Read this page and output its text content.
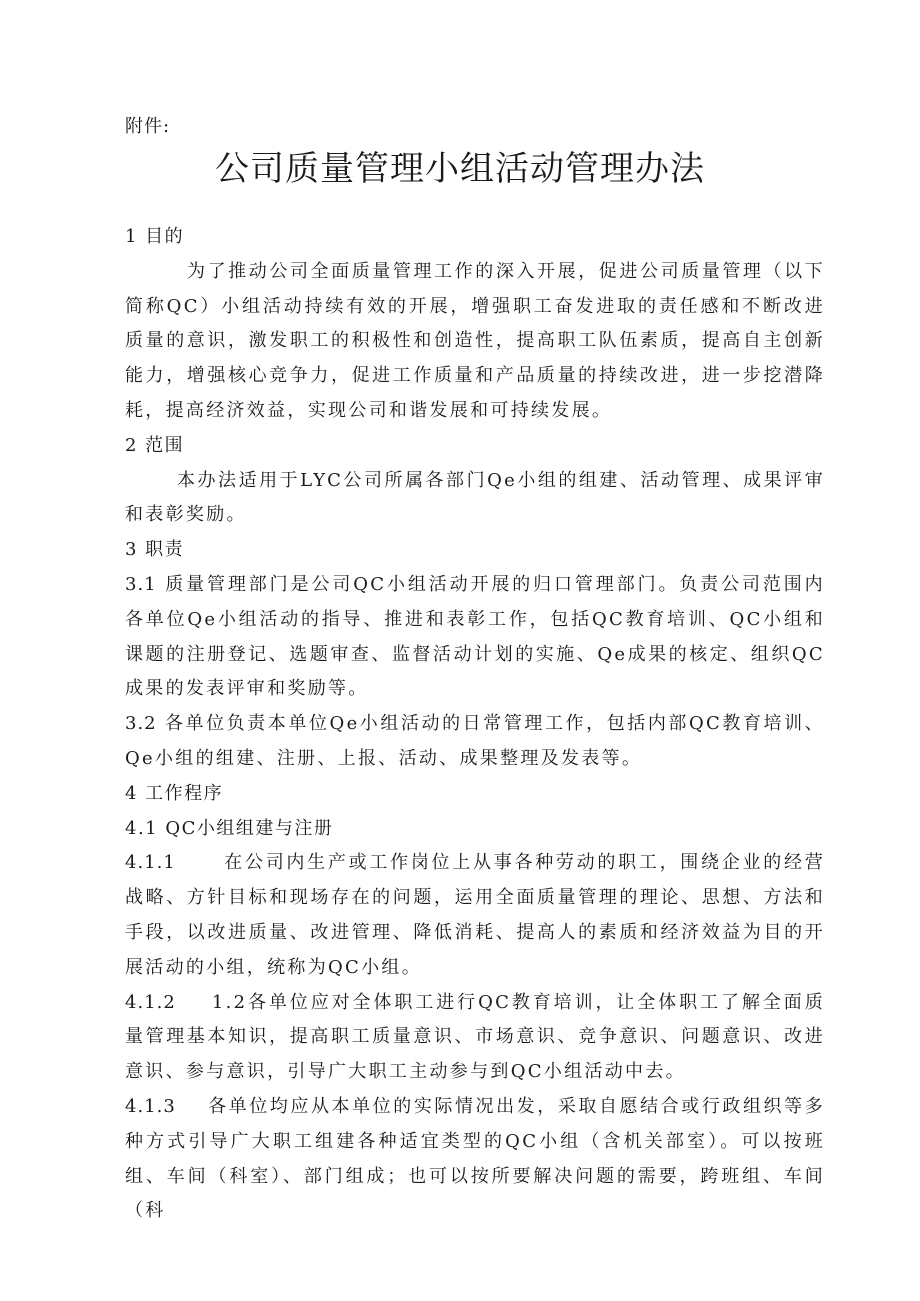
附件:
公司质量管理小组活动管理办法

1 目的

为了推动公司全面质量管理工作的深入开展，促进公司质量管理（以下简称QC）小组活动持续有效的开展，增强职工奋发进取的责任感和不断改进质量的意识，激发职工的积极性和创造性，提高职工队伍素质，提高自主创新能力，增强核心竞争力，促进工作质量和产品质量的持续改进，进一步挖潜降耗，提高经济效益，实现公司和谐发展和可持续发展。

2 范围

本办法适用于LYC公司所属各部门Qe小组的组建、活动管理、成果评审和表彰奖励。

3 职责

3.1 质量管理部门是公司QC小组活动开展的归口管理部门。负责公司范围内各单位Qe小组活动的指导、推进和表彰工作，包括QC教育培训、QC小组和课题的注册登记、选题审查、监督活动计划的实施、Qe成果的核定、组织QC成果的发表评审和奖励等。

3.2 各单位负责本单位Qe小组活动的日常管理工作，包括内部QC教育培训、Qe小组的组建、注册、上报、活动、成果整理及发表等。

4 工作程序

4.1 QC小组组建与注册

4.1.1	在公司内生产或工作岗位上从事各种劳动的职工，围绕企业的经营战略、方针目标和现场存在的问题，运用全面质量管理的理论、思想、方法和手段，以改进质量、改进管理、降低消耗、提高人的素质和经济效益为目的开展活动的小组，统称为QC小组。

4.1.2 1.2各单位应对全体职工进行QC教育培训，让全体职工了解全面质量管理基本知识，提高职工质量意识、市场意识、竞争意识、问题意识、改进意识、参与意识，引导广大职工主动参与到QC小组活动中去。

4.1.3 各单位均应从本单位的实际情况出发，采取自愿结合或行政组织等多种方式引导广大职工组建各种适宜类型的QC小组（含机关部室）。可以按班组、车间（科室）、部门组成；也可以按所要解决问题的需要，跨班组、车间（科
